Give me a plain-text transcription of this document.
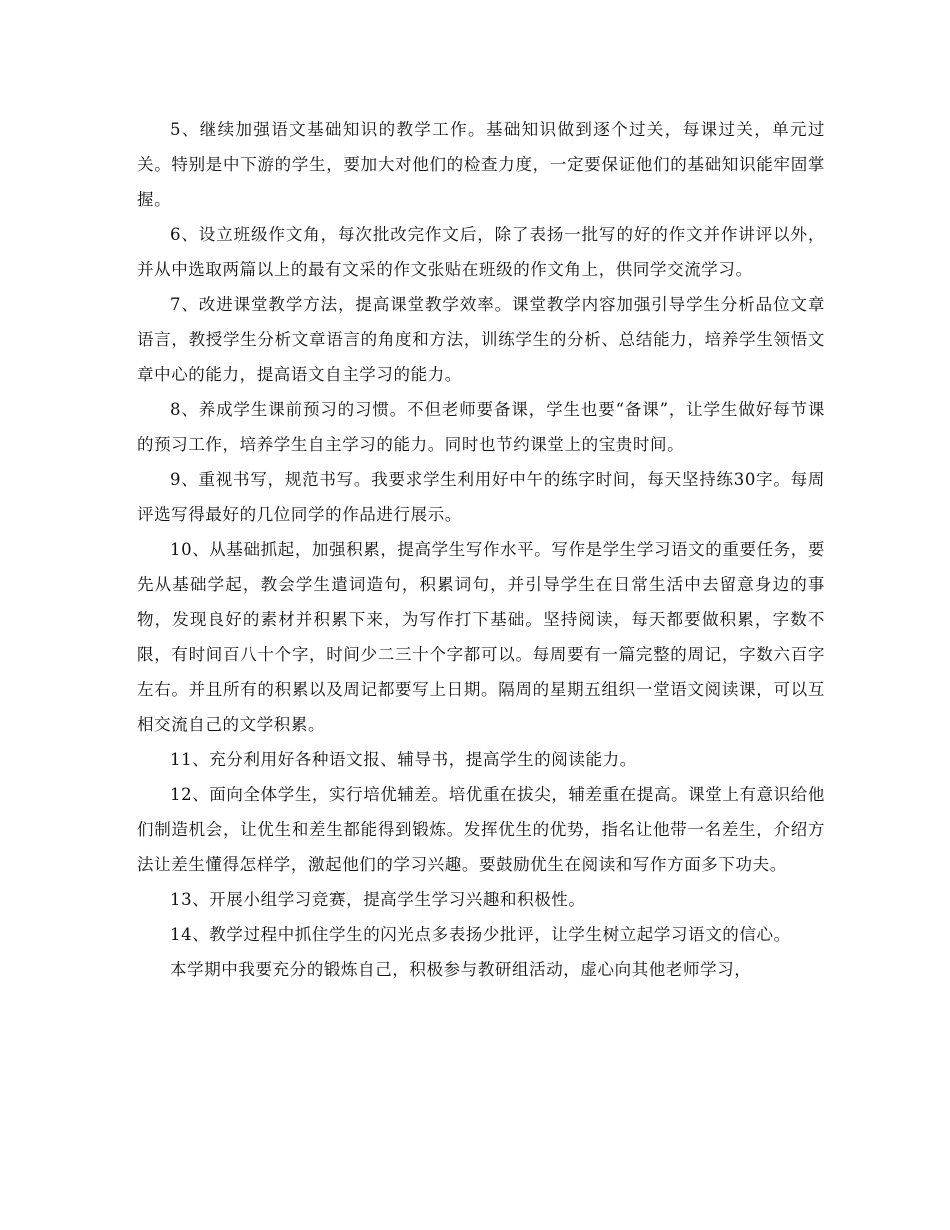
5、继续加强语文基础知识的教学工作。基础知识做到逐个过关，每课过关，单元过关。特别是中下游的学生，要加大对他们的检查力度，一定要保证他们的基础知识能牢固掌握。

6、设立班级作文角，每次批改完作文后，除了表扬一批写的好的作文并作讲评以外，并从中选取两篇以上的最有文采的作文张贴在班级的作文角上，供同学交流学习。

7、改进课堂教学方法，提高课堂教学效率。课堂教学内容加强引导学生分析品位文章语言，教授学生分析文章语言的角度和方法，训练学生的分析、总结能力，培养学生领悟文章中心的能力，提高语文自主学习的能力。

8、养成学生课前预习的习惯。不但老师要备课，学生也要“备课”，让学生做好每节课的预习工作，培养学生自主学习的能力。同时也节约课堂上的宝贵时间。

9、重视书写，规范书写。我要求学生利用好中午的练字时间，每天坚持练30字。每周评选写得最好的几位同学的作品进行展示。

10、从基础抓起，加强积累，提高学生写作水平。写作是学生学习语文的重要任务，要先从基础学起，教会学生遣词造句，积累词句，并引导学生在日常生活中去留意身边的事物，发现良好的素材并积累下来，为写作打下基础。坚持阅读，每天都要做积累，字数不限，有时间百八十个字，时间少二三十个字都可以。每周要有一篇完整的周记，字数六百字左右。并且所有的积累以及周记都要写上日期。隔周的星期五组织一堂语文阅读课，可以互相交流自己的文学积累。

11、充分利用好各种语文报、辅导书，提高学生的阅读能力。

12、面向全体学生，实行培优辅差。培优重在拔尖，辅差重在提高。课堂上有意识给他们制造机会，让优生和差生都能得到锻炼。发挥优生的优势，指名让他带一名差生，介绍方法让差生懂得怎样学，激起他们的学习兴趣。要鼓励优生在阅读和写作方面多下功夫。

13、开展小组学习竞赛，提高学生学习兴趣和积极性。

14、教学过程中抓住学生的闪光点多表扬少批评，让学生树立起学习语文的信心。

本学期中我要充分的锻炼自己，积极参与教研组活动，虚心向其他老师学习，
